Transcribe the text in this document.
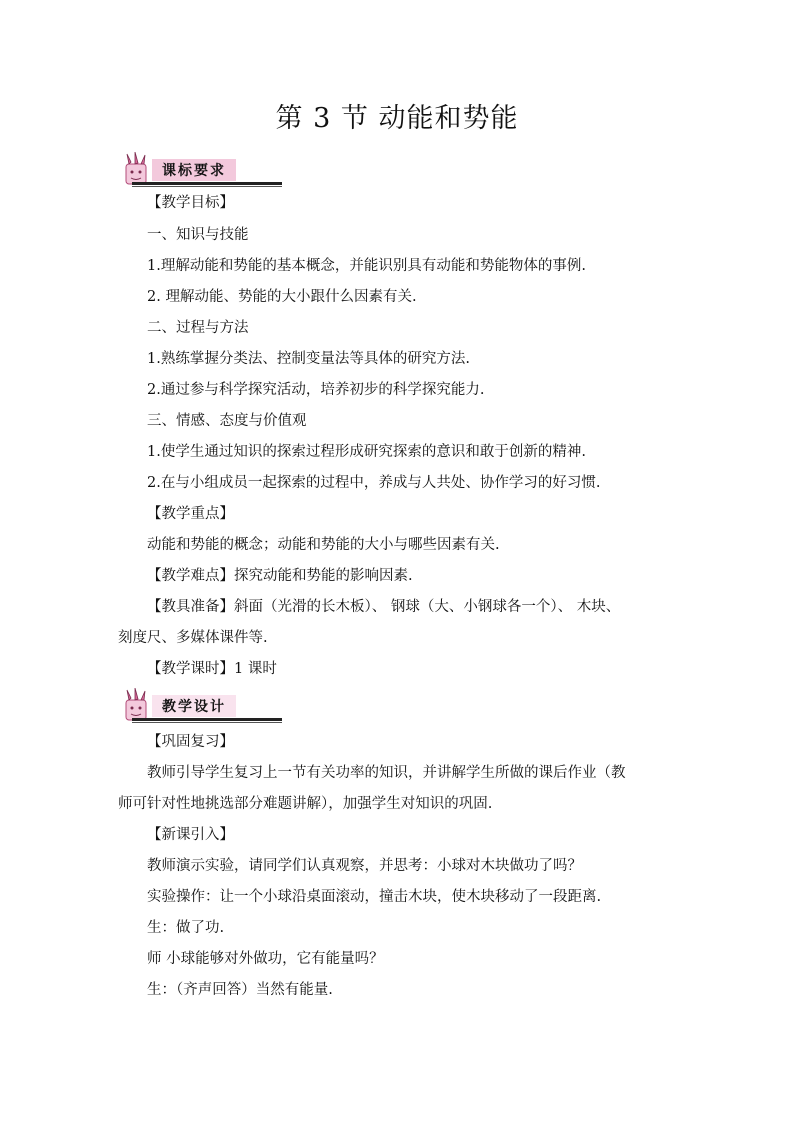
第 3 节 动能和势能
课标要求
【教学目标】
一、知识与技能
1.理解动能和势能的基本概念，并能识别具有动能和势能物体的事例.
2. 理解动能、势能的大小跟什么因素有关.
二、过程与方法
1.熟练掌握分类法、控制变量法等具体的研究方法.
2.通过参与科学探究活动，培养初步的科学探究能力.
三、情感、态度与价值观
1.使学生通过知识的探索过程形成研究探索的意识和敢于创新的精神.
2.在与小组成员一起探索的过程中，养成与人共处、协作学习的好习惯.
【教学重点】
动能和势能的概念；动能和势能的大小与哪些因素有关.
【教学难点】探究动能和势能的影响因素.
【教具准备】斜面（光滑的长木板）、 钢球（大、小钢球各一个）、 木块、
刻度尺、多媒体课件等.
【教学课时】1 课时
教学设计
【巩固复习】
教师引导学生复习上一节有关功率的知识，并讲解学生所做的课后作业（教
师可针对性地挑选部分难题讲解），加强学生对知识的巩固.
【新课引入】
教师演示实验，请同学们认真观察，并思考：小球对木块做功了吗？
实验操作：让一个小球沿桌面滚动，撞击木块，使木块移动了一段距离.
生：做了功.
师 小球能够对外做功，它有能量吗？
生：（齐声回答）当然有能量.
